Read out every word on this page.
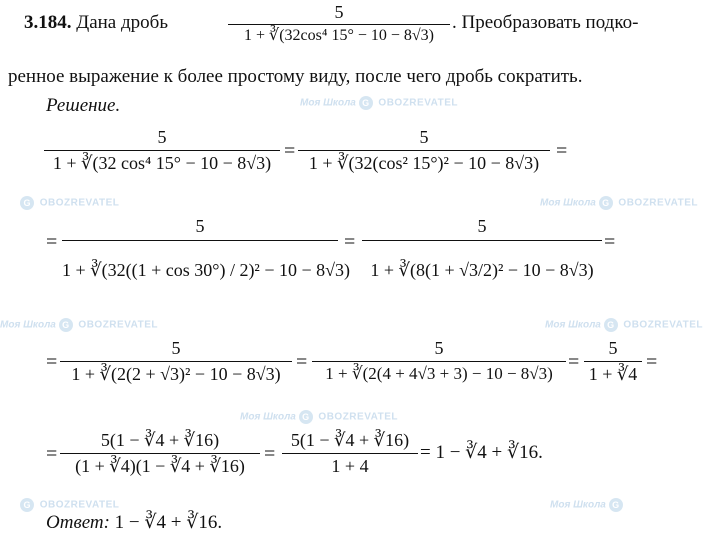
Моя Школа G OBOZREVATEL
Моя Школа G OBOZREVATEL
G OBOZREVATEL
Моя Школа G OBOZREVATEL	Моя Школа G OBOZREVATEL
Моя Школа G OBOZREVATEL
G OBOZREVATEL	Моя Школа G
3.184. Дана дробь	5
1 + ∛(32cos⁴ 15° − 10 − 8√3)
. Преобразовать подко-
ренное выражение к более простому виду, после чего дробь сократить.
Решение.
5
1 + ∛(32 cos⁴ 15° − 10 − 8√3)
=
5
1 + ∛(32(cos² 15°)² − 10 − 8√3)
=
=
5
1 + ∛(32((1 + cos 30°) / 2)² − 10 − 8√3)
=
5
1 + ∛(8(1 + √3/2)² − 10 − 8√3)
=
=
5
1 + ∛(2(2 + √3)² − 10 − 8√3)
=
5
1 + ∛(2(4 + 4√3 + 3) − 10 − 8√3)
=
5
1 + ∛4
=
=
5(1 − ∛4 + ∛16)
(1 + ∛4)(1 − ∛4 + ∛16)
=
5(1 − ∛4 + ∛16)
1 + 4
= 1 − ∛4 + ∛16.
Ответ: 1 − ∛4 + ∛16.
